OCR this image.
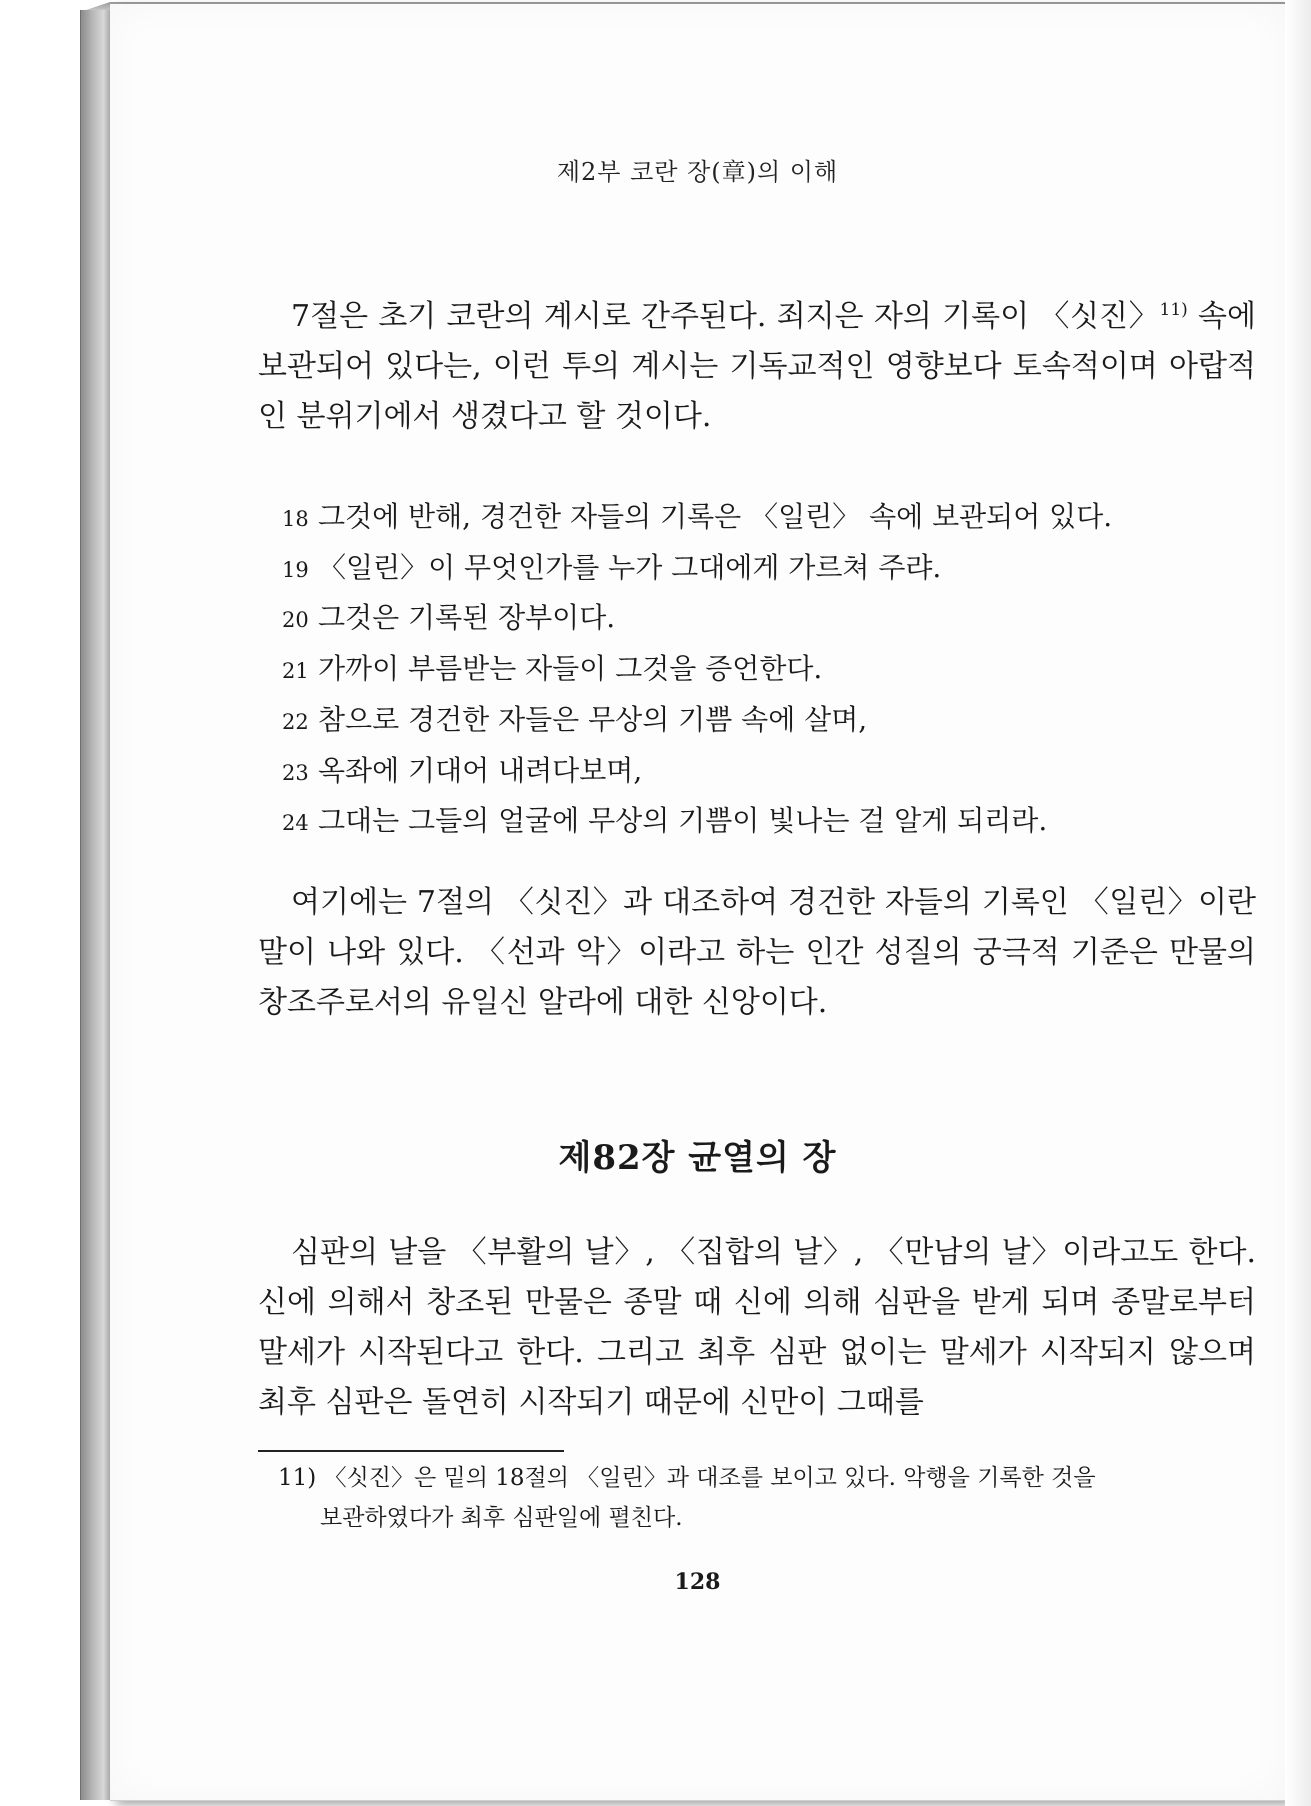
제2부 코란 장(章)의 이해

7절은 초기 코란의 계시로 간주된다. 죄지은 자의 기록이 〈싯진〉$^{11)}$ 속에 보관되어 있다는, 이런 투의 계시는 기독교적인 영향보다 토속적이며 아랍적인 분위기에서 생겼다고 할 것이다.

18 그것에 반해, 경건한 자들의 기록은 〈일린〉 속에 보관되어 있다.
19 〈일린〉이 무엇인가를 누가 그대에게 가르쳐 주랴.
20 그것은 기록된 장부이다.
21 가까이 부름받는 자들이 그것을 증언한다.
22 참으로 경건한 자들은 무상의 기쁨 속에 살며,
23 옥좌에 기대어 내려다보며,
24 그대는 그들의 얼굴에 무상의 기쁨이 빛나는 걸 알게 되리라.

여기에는 7절의 〈싯진〉과 대조하여 경건한 자들의 기록인 〈일린〉이란 말이 나와 있다. 〈선과 악〉이라고 하는 인간 성질의 궁극적 기준은 만물의 창조주로서의 유일신 알라에 대한 신앙이다.

제82장 균열의 장

심판의 날을 〈부활의 날〉, 〈집합의 날〉, 〈만남의 날〉이라고도 한다. 신에 의해서 창조된 만물은 종말 때 신에 의해 심판을 받게 되며 종말로부터 말세가 시작된다고 한다. 그리고 최후 심판 없이는 말세가 시작되지 않으며 최후 심판은 돌연히 시작되기 때문에 신만이 그때를

11) 〈싯진〉은 밑의 18절의 〈일린〉과 대조를 보이고 있다. 악행을 기록한 것을
보관하였다가 최후 심판일에 펼친다.

128
